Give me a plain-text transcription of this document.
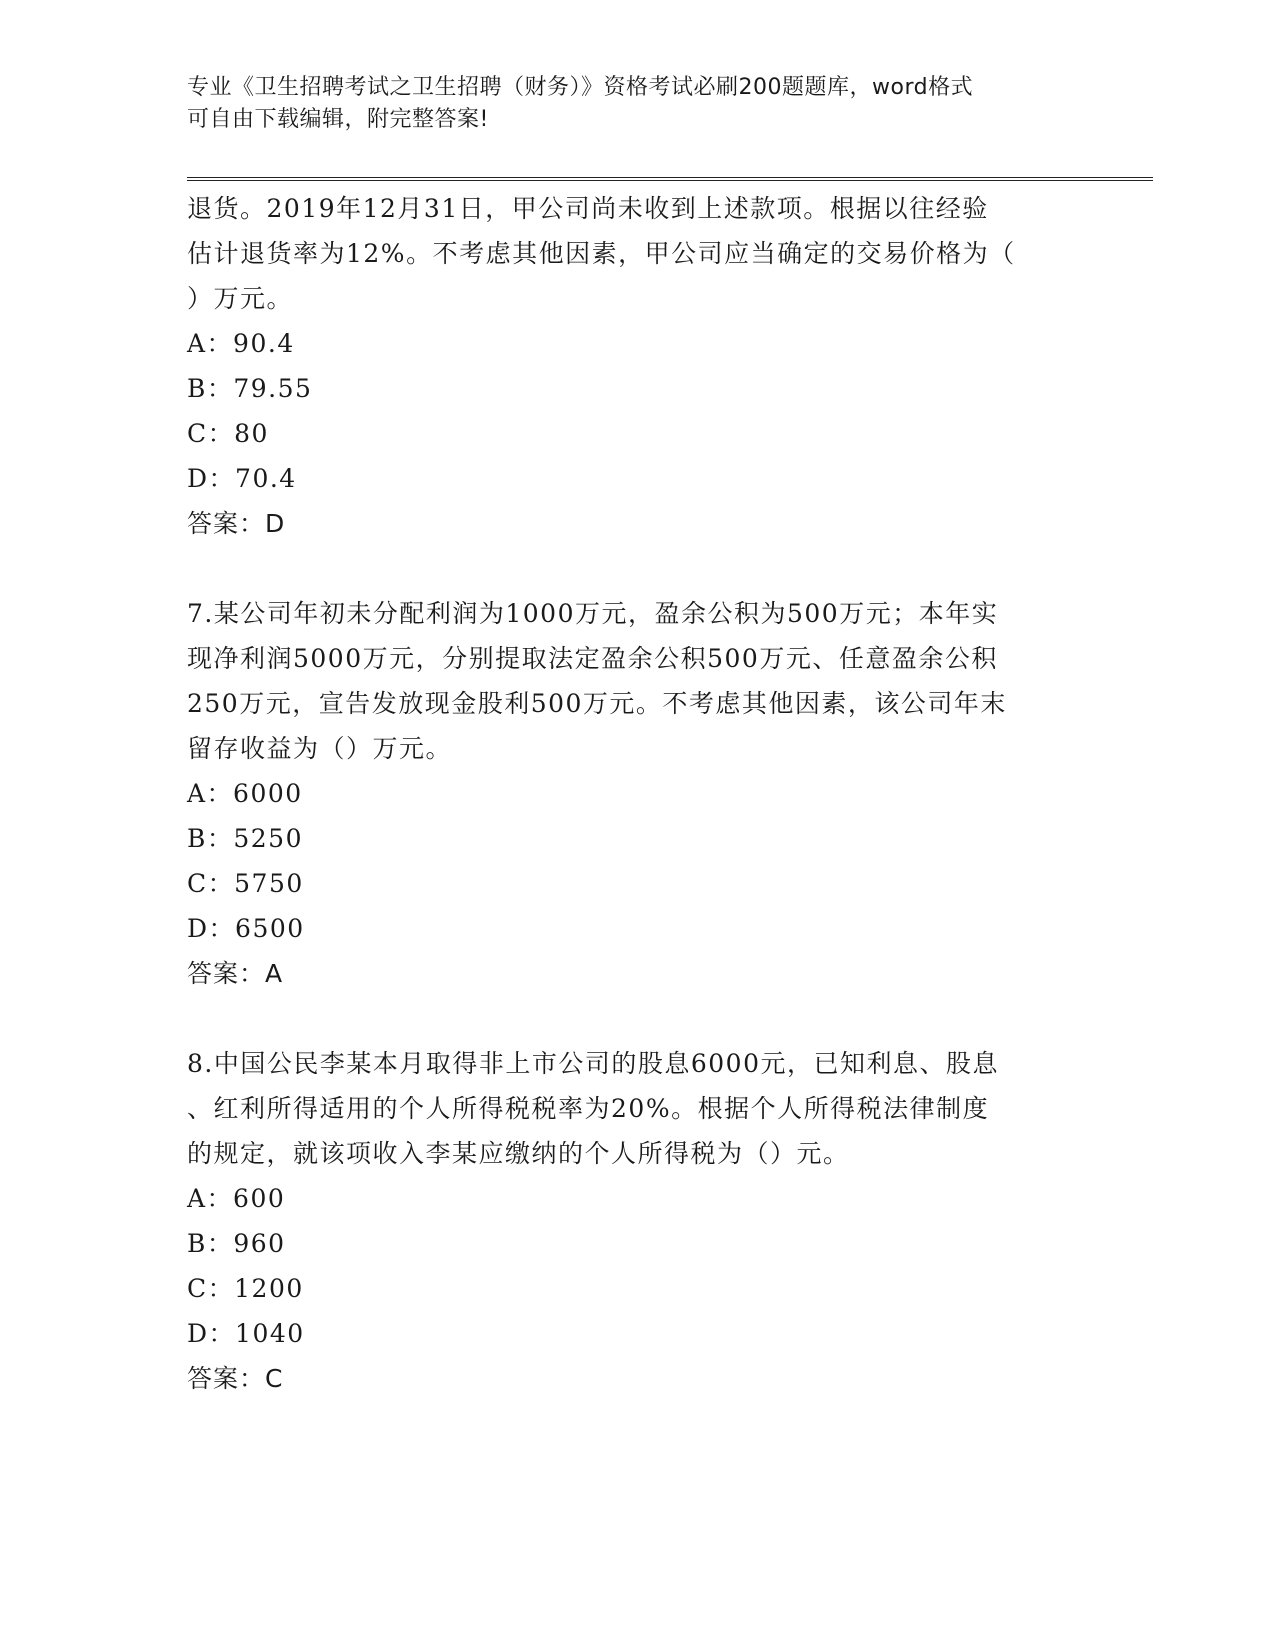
专业《卫生招聘考试之卫生招聘（财务）》资格考试必刷200题题库，word格式
可自由下载编辑，附完整答案!

退货。2019年12月31日，甲公司尚未收到上述款项。根据以往经验

估计退货率为12%。不考虑其他因素，甲公司应当确定的交易价格为（

）万元。

A：90.4

B：79.55

C：80

D：70.4

答案：D

7.某公司年初未分配利润为1000万元，盈余公积为500万元；本年实

现净利润5000万元，分别提取法定盈余公积500万元、任意盈余公积

250万元，宣告发放现金股利500万元。不考虑其他因素，该公司年末

留存收益为（）万元。

A：6000

B：5250

C：5750

D：6500

答案：A

8.中国公民李某本月取得非上市公司的股息6000元，已知利息、股息

、红利所得适用的个人所得税税率为20%。根据个人所得税法律制度

的规定，就该项收入李某应缴纳的个人所得税为（）元。

A：600

B：960

C：1200

D：1040

答案：C
